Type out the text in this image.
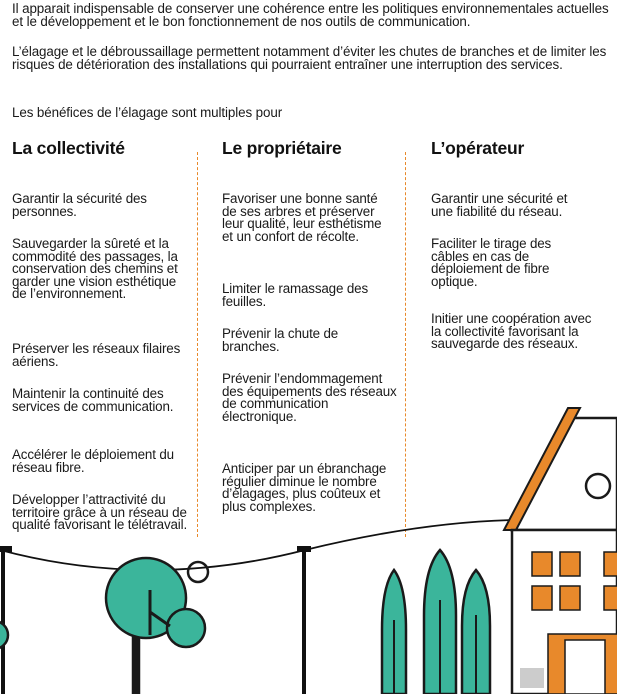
Il apparait indispensable de conserver une cohérence entre les politiques environnementales actuelles et le développement et le bon fonctionnement de nos outils de communication.

L’élagage et le débroussaillage permettent notamment d’éviter les chutes de branches et de limiter les risques de détérioration des installations qui pourraient entraîner une interruption des services.

Les bénéfices de l’élagage sont multiples pour

La collectivité
Garantir la sécurité des personnes.
Sauvegarder la sûreté et la commodité des passages, la conservation des chemins et garder une vision esthétique de l’environnement.
Préserver les réseaux filaires aériens.
Maintenir la continuité des services de communication.
Accélérer le déploiement du réseau fibre.
Développer l’attractivité du territoire grâce à un réseau de qualité favorisant le télétravail.
Le propriétaire
Favoriser une bonne santé de ses arbres et préserver leur qualité, leur esthétisme et un confort de récolte.
Limiter le ramassage des feuilles.
Prévenir la chute de branches.
Prévenir l’endommagement des équipements des réseaux de communication électronique.
Anticiper par un ébranchage régulier diminue le nombre d’élagages, plus coûteux et plus complexes.
L’opérateur
Garantir une sécurité et une fiabilité du réseau.
Faciliter le tirage des câbles en cas de déploiement de fibre optique.
Initier une coopération avec la collectivité favorisant la sauvegarde des réseaux.
